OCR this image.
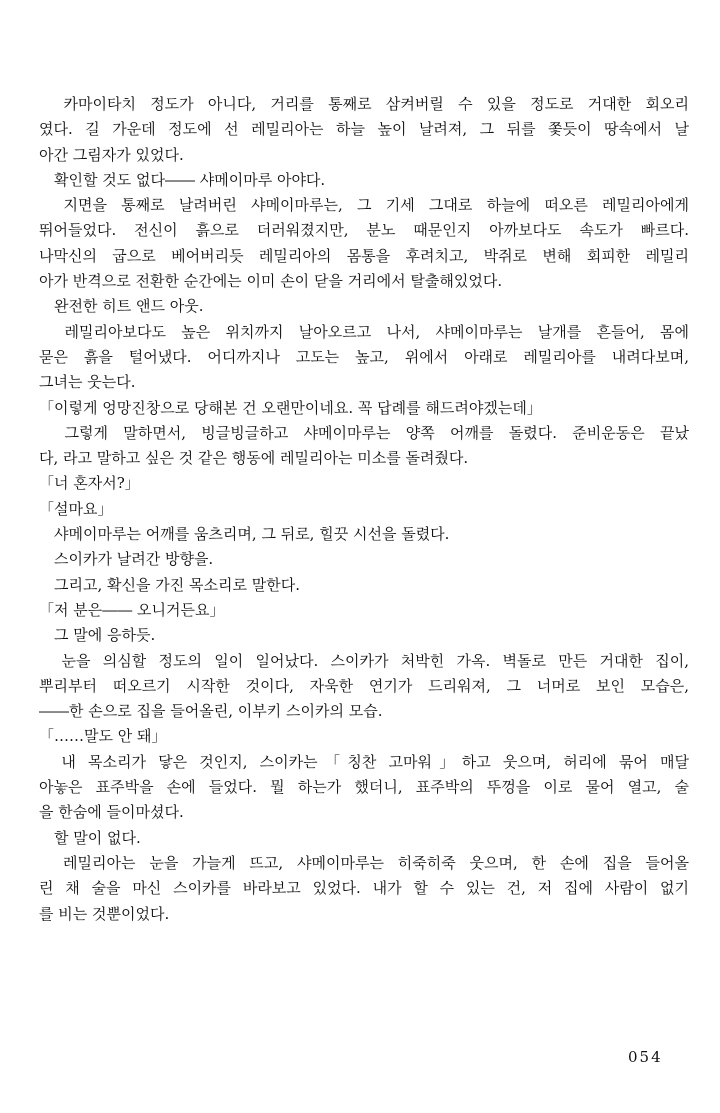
　카마이타치 정도가 아니다, 거리를 통째로 삼켜버릴 수 있을 정도로 거대한 회오리
였다. 길 가운데 정도에 선 레밀리아는 하늘 높이 날려져, 그 뒤를 쫓듯이 땅속에서 날
아간 그림자가 있었다.
　확인할 것도 없다―― 샤메이마루 아야다.
　지면을 통째로 날려버린 샤메이마루는, 그 기세 그대로 하늘에 떠오른 레밀리아에게
뛰어들었다. 전신이 흙으로 더러워졌지만, 분노 때문인지 아까보다도 속도가 빠르다.
나막신의 굽으로 베어버리듯 레밀리아의 몸통을 후려치고, 박쥐로 변해 회피한 레밀리
아가 반격으로 전환한 순간에는 이미 손이 닫을 거리에서 탈출해있었다.
　완전한 히트 앤드 아웃.
　레밀리아보다도 높은 위치까지 날아오르고 나서, 샤메이마루는 날개를 흔들어, 몸에
묻은 흙을 털어냈다. 어디까지나 고도는 높고, 위에서 아래로 레밀리아를 내려다보며,
그녀는 웃는다.
「이렇게 엉망진창으로 당해본 건 오랜만이네요. 꼭 답례를 해드려야겠는데」
　그렇게 말하면서, 빙글빙글하고 샤메이마루는 양쪽 어깨를 돌렸다. 준비운동은 끝났
다, 라고 말하고 싶은 것 같은 행동에 레밀리아는 미소를 돌려줬다.
「너 혼자서?」
「설마요」
　샤메이마루는 어깨를 움츠리며, 그 뒤로, 힐끗 시선을 돌렸다.
　스이카가 날려간 방향을.
　그리고, 확신을 가진 목소리로 말한다.
「저 분은―― 오니거든요」
　그 말에 응하듯.
　눈을 의심할 정도의 일이 일어났다. 스이카가 처박힌 가옥. 벽돌로 만든 거대한 집이,
뿌리부터 떠오르기 시작한 것이다, 자욱한 연기가 드리워져, 그 너머로 보인 모습은,
――한 손으로 집을 들어올린, 이부키 스이카의 모습.
「……말도 안 돼」
　내 목소리가 닿은 것인지, 스이카는「칭찬 고마워」하고 웃으며, 허리에 묶어 매달
아놓은 표주박을 손에 들었다. 뭘 하는가 했더니, 표주박의 뚜껑을 이로 물어 열고, 술
을 한숨에 들이마셨다.
　할 말이 없다.
　레밀리아는 눈을 가늘게 뜨고, 샤메이마루는 히죽히죽 웃으며, 한 손에 집을 들어올
린 채 술을 마신 스이카를 바라보고 있었다. 내가 할 수 있는 건, 저 집에 사람이 없기
를 비는 것뿐이었다.
054
